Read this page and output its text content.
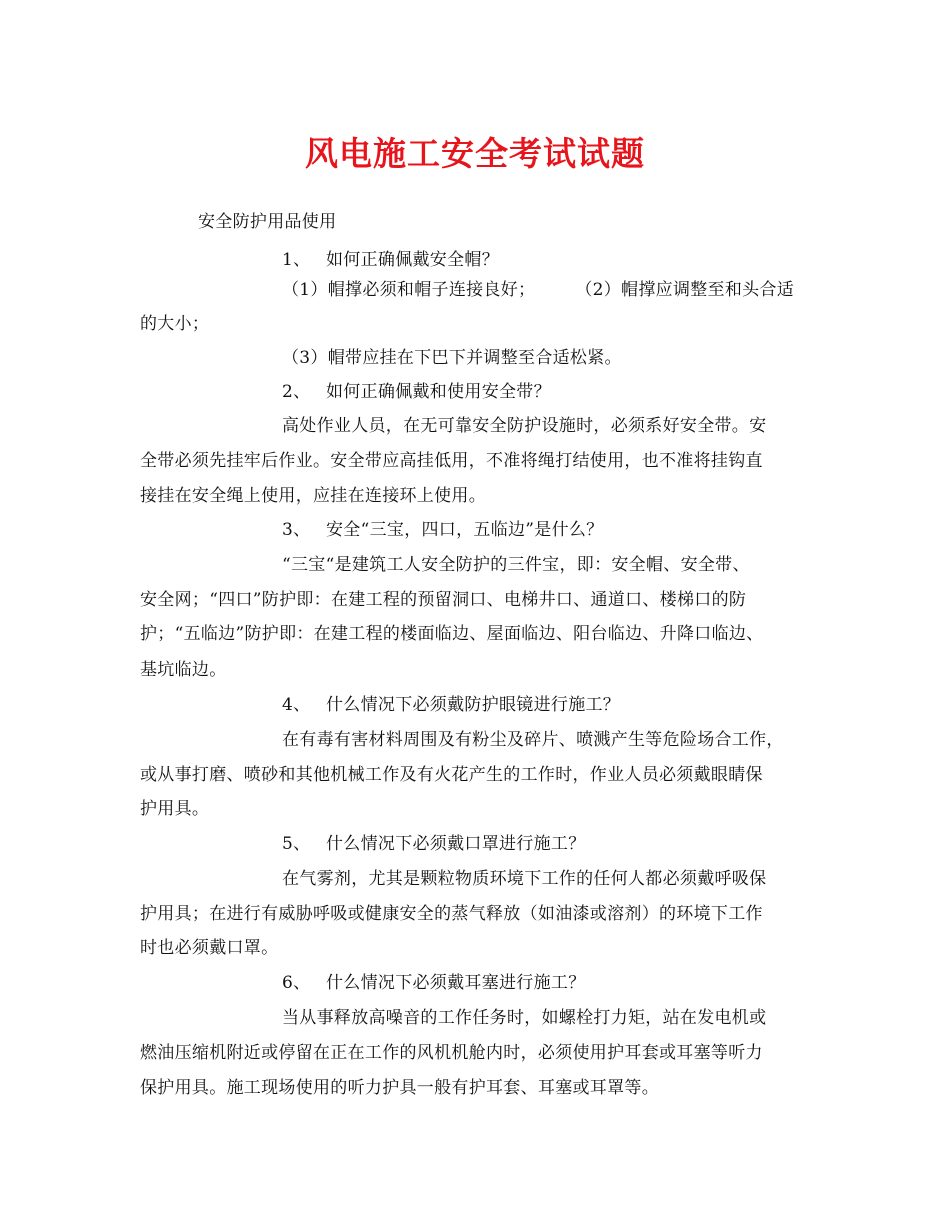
风电施工安全考试试题
安全防护用品使用
1、 如何正确佩戴安全帽？
（1）帽撑必须和帽子连接良好； （2）帽撑应调整至和头合适
的大小；
（3）帽带应挂在下巴下并调整至合适松紧。
2、 如何正确佩戴和使用安全带？
高处作业人员，在无可靠安全防护设施时，必须系好安全带。安
全带必须先挂牢后作业。安全带应高挂低用，不准将绳打结使用，也不准将挂钩直
接挂在安全绳上使用，应挂在连接环上使用。
3、 安全“三宝，四口，五临边”是什么？
“三宝“是建筑工人安全防护的三件宝，即：安全帽、安全带、
安全网；“四口”防护即：在建工程的预留洞口、电梯井口、通道口、楼梯口的防
护；“五临边”防护即：在建工程的楼面临边、屋面临边、阳台临边、升降口临边、
基坑临边。
4、 什么情况下必须戴防护眼镜进行施工？
在有毒有害材料周围及有粉尘及碎片、喷溅产生等危险场合工作，
或从事打磨、喷砂和其他机械工作及有火花产生的工作时，作业人员必须戴眼睛保
护用具。
5、 什么情况下必须戴口罩进行施工？
在气雾剂，尤其是颗粒物质环境下工作的任何人都必须戴呼吸保
护用具；在进行有威胁呼吸或健康安全的蒸气释放（如油漆或溶剂）的环境下工作
时也必须戴口罩。
6、 什么情况下必须戴耳塞进行施工？
当从事释放高噪音的工作任务时，如螺栓打力矩，站在发电机或
燃油压缩机附近或停留在正在工作的风机机舱内时，必须使用护耳套或耳塞等听力
保护用具。施工现场使用的听力护具一般有护耳套、耳塞或耳罩等。
